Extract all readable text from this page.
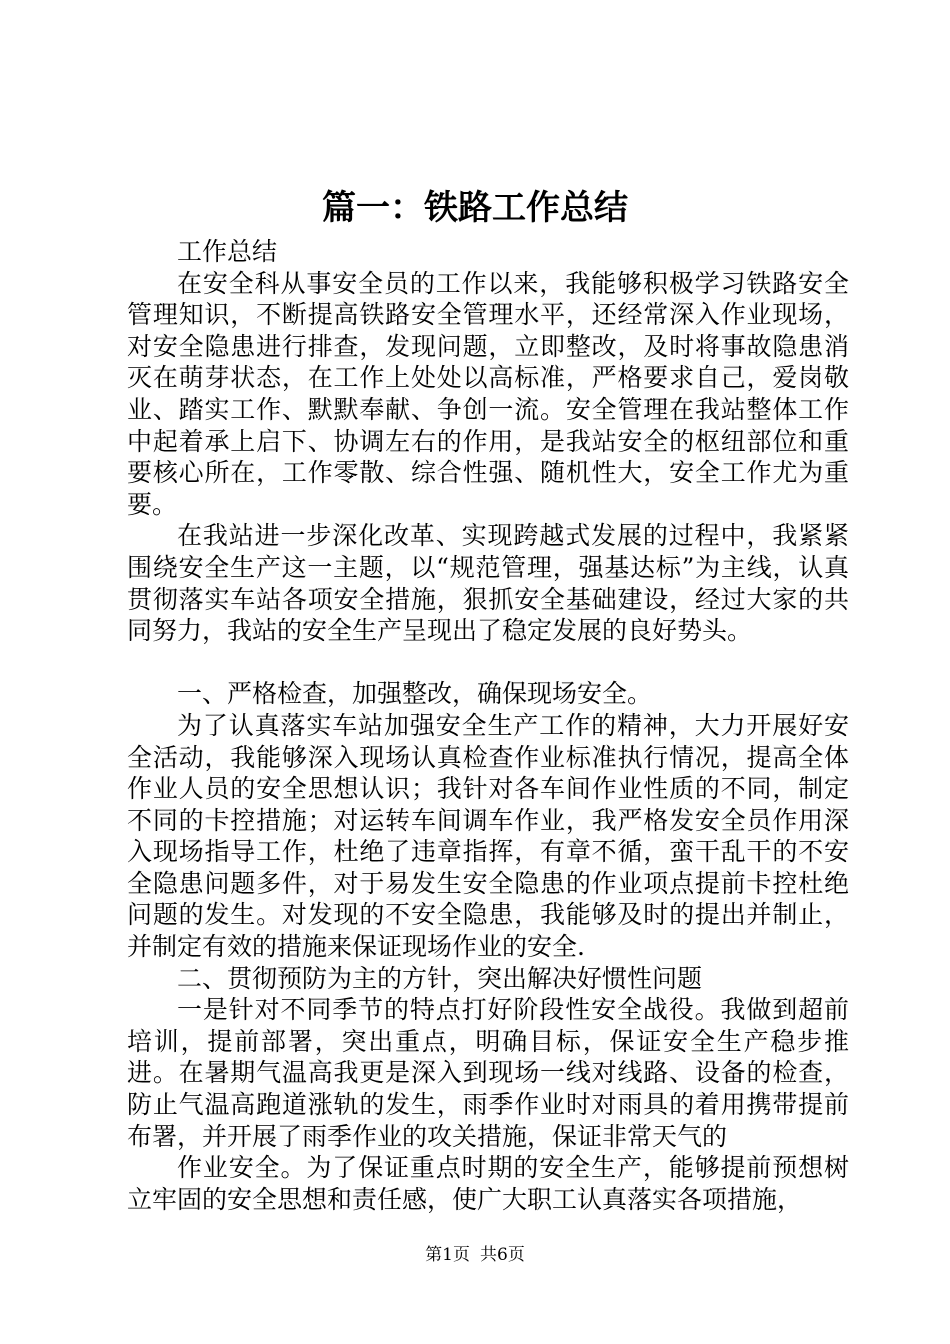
篇一：铁路工作总结

工作总结

在安全科从事安全员的工作以来，我能够积极学习铁路安全管理知识，不断提高铁路安全管理水平，还经常深入作业现场，对安全隐患进行排查，发现问题，立即整改，及时将事故隐患消灭在萌芽状态，在工作上处处以高标准，严格要求自己，爱岗敬业、踏实工作、默默奉献、争创一流。安全管理在我站整体工作中起着承上启下、协调左右的作用，是我站安全的枢纽部位和重要核心所在，工作零散、综合性强、随机性大，安全工作尤为重要。

在我站进一步深化改革、实现跨越式发展的过程中，我紧紧围绕安全生产这一主题，以“规范管理，强基达标”为主线，认真贯彻落实车站各项安全措施，狠抓安全基础建设，经过大家的共同努力，我站的安全生产呈现出了稳定发展的良好势头。

一、严格检查，加强整改，确保现场安全。

为了认真落实车站加强安全生产工作的精神，大力开展好安全活动，我能够深入现场认真检查作业标准执行情况，提高全体作业人员的安全思想认识；我针对各车间作业性质的不同，制定不同的卡控措施；对运转车间调车作业，我严格发安全员作用深入现场指导工作，杜绝了违章指挥，有章不循，蛮干乱干的不安全隐患问题多件，对于易发生安全隐患的作业项点提前卡控杜绝问题的发生。对发现的不安全隐患，我能够及时的提出并制止，并制定有效的措施来保证现场作业的安全.

二、贯彻预防为主的方针，突出解决好惯性问题

一是针对不同季节的特点打好阶段性安全战役。我做到超前培训，提前部署，突出重点，明确目标，保证安全生产稳步推进。在暑期气温高我更是深入到现场一线对线路、设备的检查，防止气温高跑道涨轨的发生，雨季作业时对雨具的着用携带提前布署，并开展了雨季作业的攻关措施，保证非常天气的

作业安全。为了保证重点时期的安全生产，能够提前预想树立牢固的安全思想和责任感，使广大职工认真落实各项措施，

第1页 共6页
